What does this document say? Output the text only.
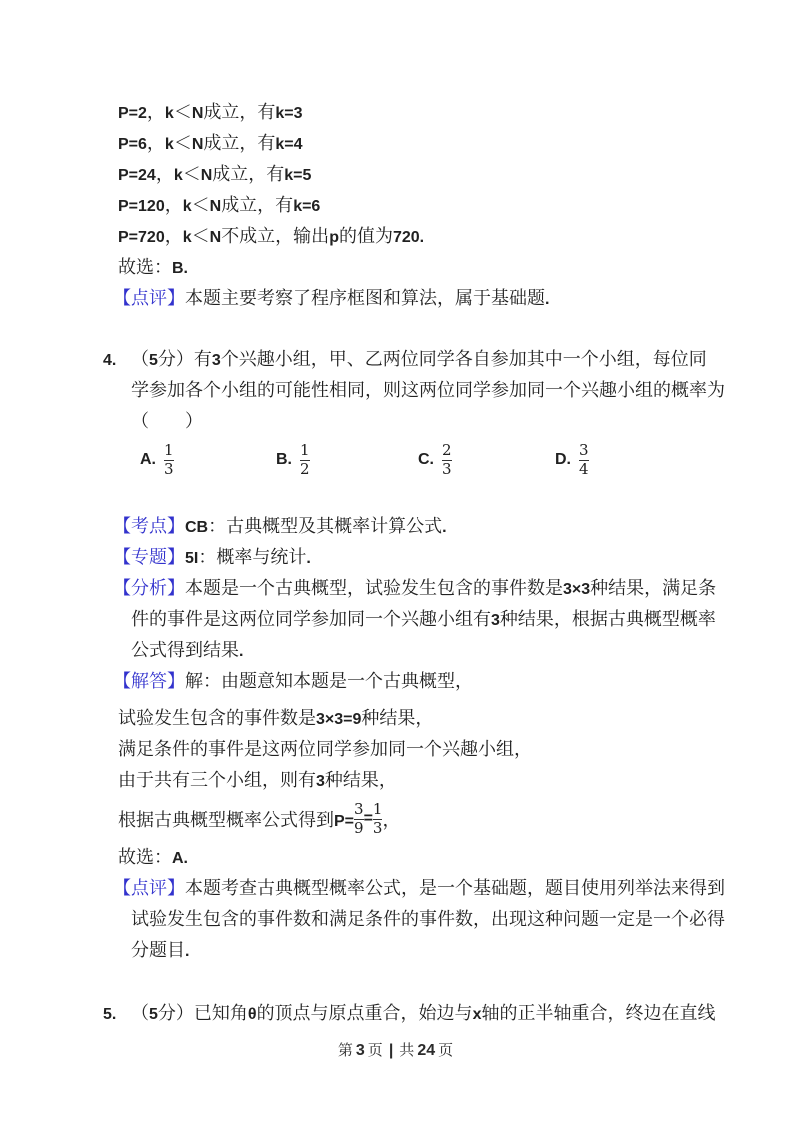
P=2，k＜N成立，有k=3
P=6，k＜N成立，有k=4
P=24，k＜N成立，有k=5
P=120，k＜N成立，有k=6
P=720，k＜N不成立，输出p的值为720.
故选：B.
【点评】本题主要考察了程序框图和算法，属于基础题.
4. （5分）有3个兴趣小组，甲、乙两位同学各自参加其中一个小组，每位同
学参加各个小组的可能性相同，则这两位同学参加同一个兴趣小组的概率为
（　　）
A. $\frac{1}{3}$	B. $\frac{1}{2}$	C. $\frac{2}{3}$	D. $\frac{3}{4}$
【考点】CB：古典概型及其概率计算公式.
【专题】5I：概率与统计.
【分析】本题是一个古典概型，试验发生包含的事件数是3×3种结果，满足条
件的事件是这两位同学参加同一个兴趣小组有3种结果，根据古典概型概率
公式得到结果.
【解答】解：由题意知本题是一个古典概型，
试验发生包含的事件数是3×3=9种结果，
满足条件的事件是这两位同学参加同一个兴趣小组，
由于共有三个小组，则有3种结果，
根据古典概型概率公式得到$P= \frac{3}{9} = \frac{1}{3}$ ，
故选：A.
【点评】本题考查古典概型概率公式，是一个基础题，题目使用列举法来得到
试验发生包含的事件数和满足条件的事件数，出现这种问题一定是一个必得
分题目.
5. （5分）已知角θ的顶点与原点重合，始边与x轴的正半轴重合，终边在直线
第 3 页 | 共 24 页
